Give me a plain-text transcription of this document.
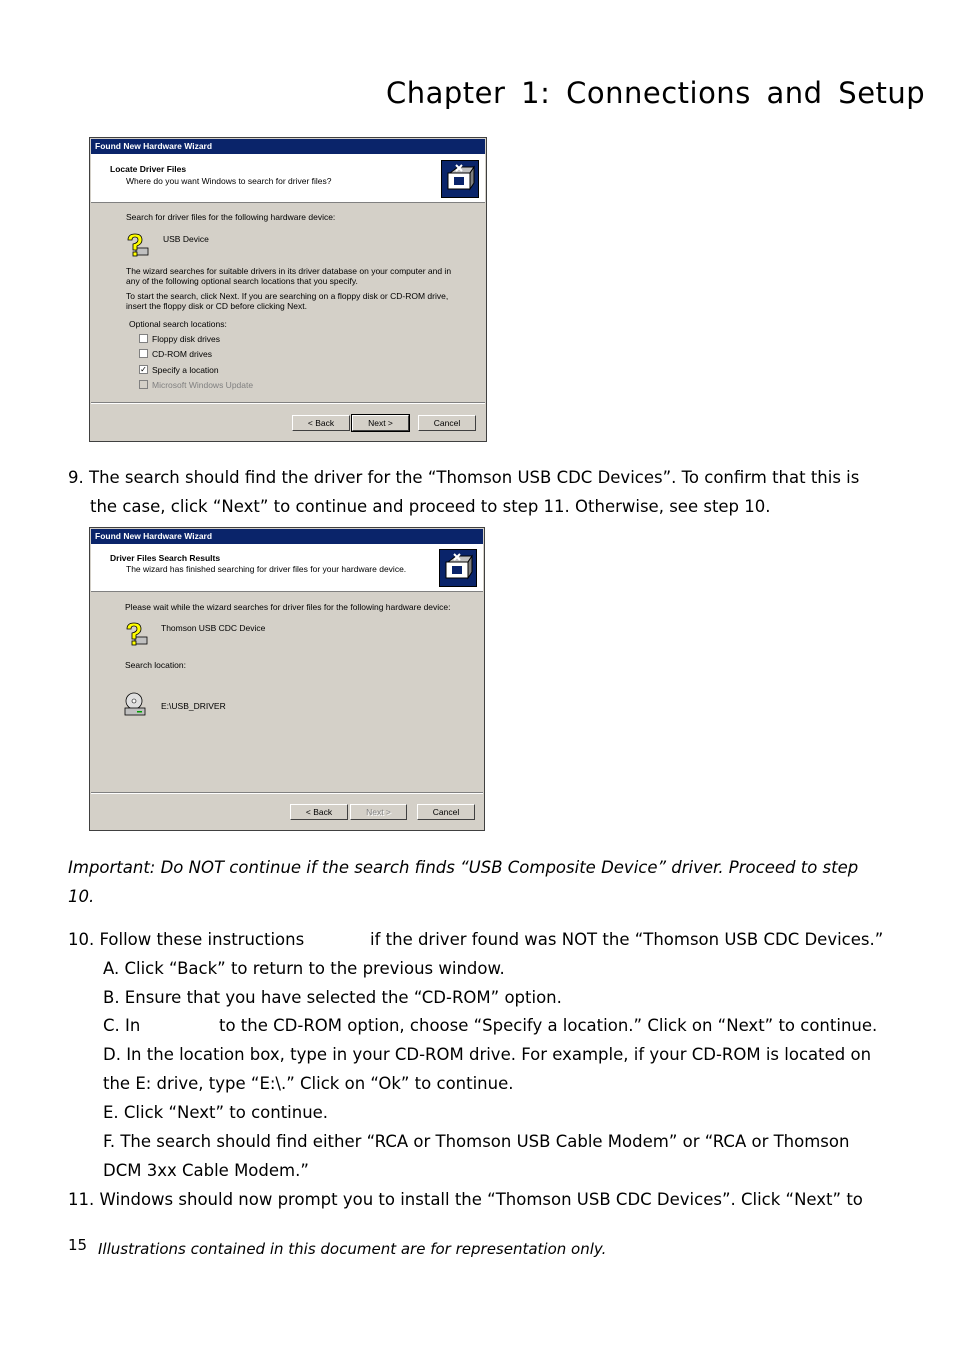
Chapter 1: Connections and Setup
Found New Hardware Wizard
Locate Driver Files
Where do you want Windows to search for driver files?
Search for driver files for the following hardware device:
USB Device
The wizard searches for suitable drivers in its driver database on your computer and in
any of the following optional search locations that you specify.
To start the search, click Next. If you are searching on a floppy disk or CD-ROM drive,
insert the floppy disk or CD before clicking Next.
Optional search locations:
Floppy disk drives
CD-ROM drives
✓ Specify a location
Microsoft Windows Update
< Back	Next >	Cancel
9. The search should find the driver for the “Thomson USB CDC Devices”. To confirm that this is
the case, click “Next” to continue and proceed to step 11. Otherwise, see step 10.
Found New Hardware Wizard
Driver Files Search Results
The wizard has finished searching for driver files for your hardware device.
Please wait while the wizard searches for driver files for the following hardware device:
Thomson USB CDC Device
Search location:
E:\USB_DRIVER
< Back	Next >	Cancel
Important: Do NOT continue if the search finds “USB Composite Device” driver. Proceed to step
10.
10. Follow these instructions	if the driver found was NOT the “Thomson USB CDC Devices.”
A. Click “Back” to return to the previous window.
B. Ensure that you have selected the “CD-ROM” option.
C. In	to the CD-ROM option, choose “Specify a location.” Click on “Next” to continue.
D. In the location box, type in your CD-ROM drive. For example, if your CD-ROM is located on
the E: drive, type “E:\.” Click on “Ok” to continue.
E. Click “Next” to continue.
F. The search should find either “RCA or Thomson USB Cable Modem” or “RCA or Thomson
DCM 3xx Cable Modem.”
11. Windows should now prompt you to install the “Thomson USB CDC Devices”. Click “Next” to
15 Illustrations contained in this document are for representation only.
